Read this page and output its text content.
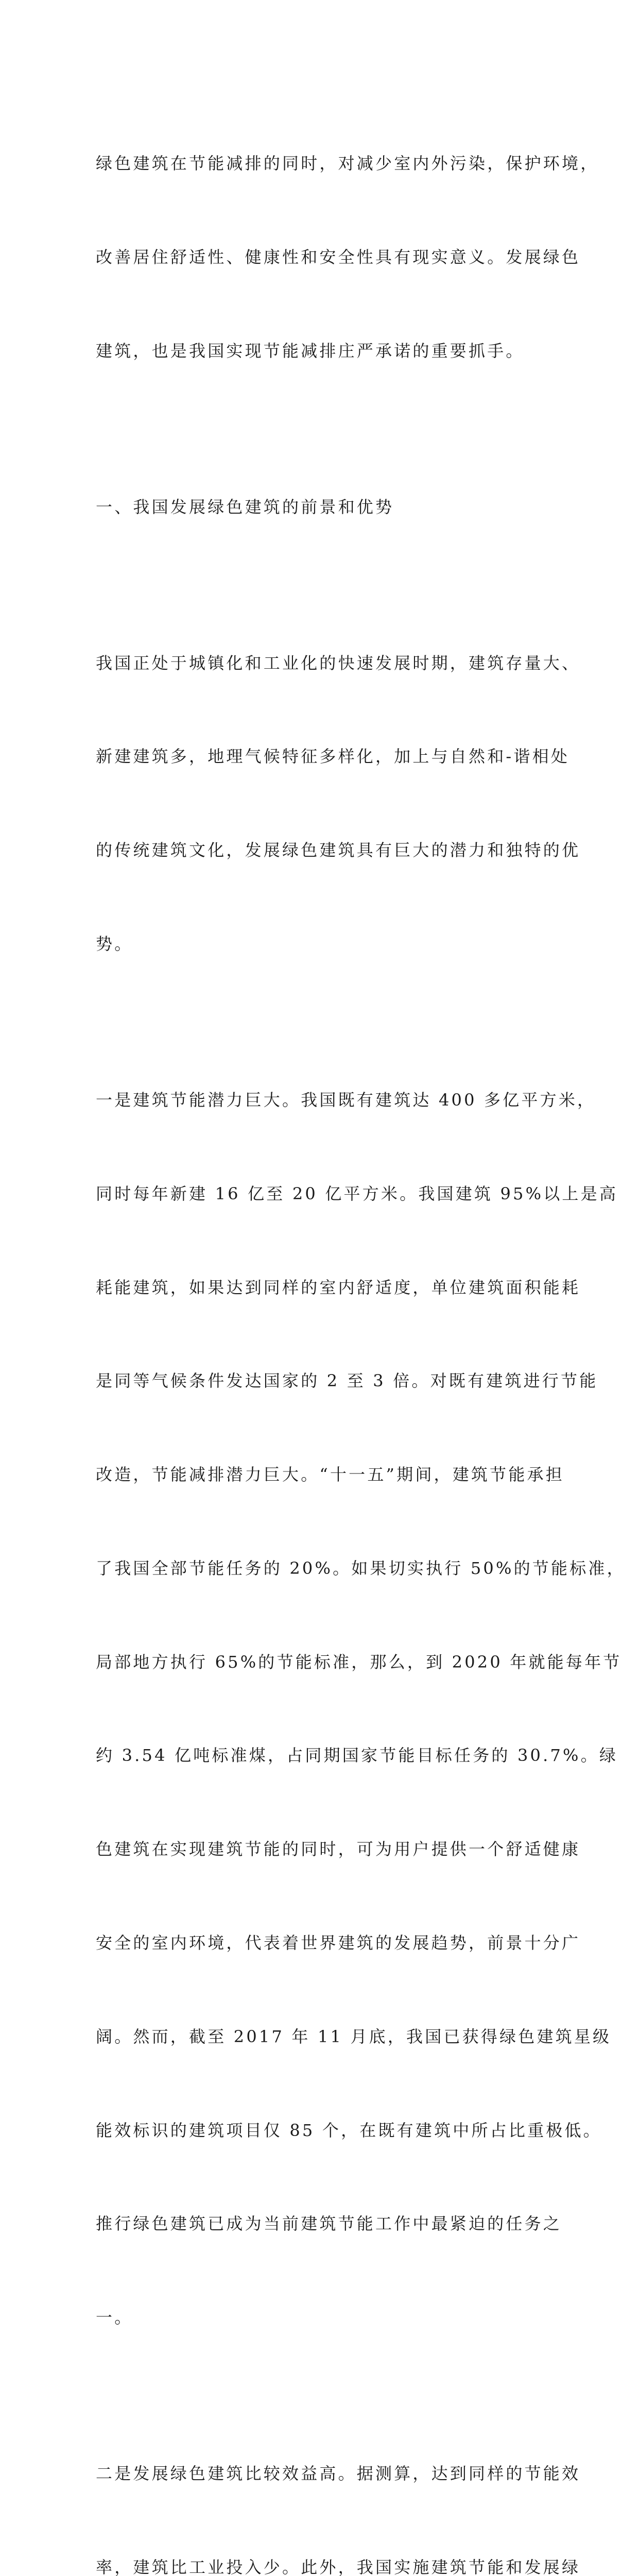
绿色建筑在节能减排的同时，对减少室内外污染，保护环境，

改善居住舒适性、健康性和安全性具有现实意义。发展绿色

建筑，也是我国实现节能减排庄严承诺的重要抓手。

一、我国发展绿色建筑的前景和优势

我国正处于城镇化和工业化的快速发展时期，建筑存量大、

新建建筑多，地理气候特征多样化，加上与自然和-谐相处

的传统建筑文化，发展绿色建筑具有巨大的潜力和独特的优

势。

一是建筑节能潜力巨大。我国既有建筑达 400 多亿平方米，

同时每年新建 16 亿至 20 亿平方米。我国建筑 95%以上是高

耗能建筑，如果达到同样的室内舒适度，单位建筑面积能耗

是同等气候条件发达国家的 2 至 3 倍。对既有建筑进行节能

改造，节能减排潜力巨大。“十一五”期间，建筑节能承担

了我国全部节能任务的 20%。如果切实执行 50%的节能标准，

局部地方执行 65%的节能标准，那么，到 2020 年就能每年节

约 3.54 亿吨标准煤，占同期国家节能目标任务的 30.7%。绿

色建筑在实现建筑节能的同时，可为用户提供一个舒适健康

安全的室内环境，代表着世界建筑的发展趋势，前景十分广

阔。然而，截至 2017 年 11 月底，我国已获得绿色建筑星级

能效标识的建筑项目仅 85 个，在既有建筑中所占比重极低。

推行绿色建筑已成为当前建筑节能工作中最紧迫的任务之

一。

二是发展绿色建筑比较效益高。据测算，达到同样的节能效

率，建筑比工业投入少。此外，我国实施建筑节能和发展绿
